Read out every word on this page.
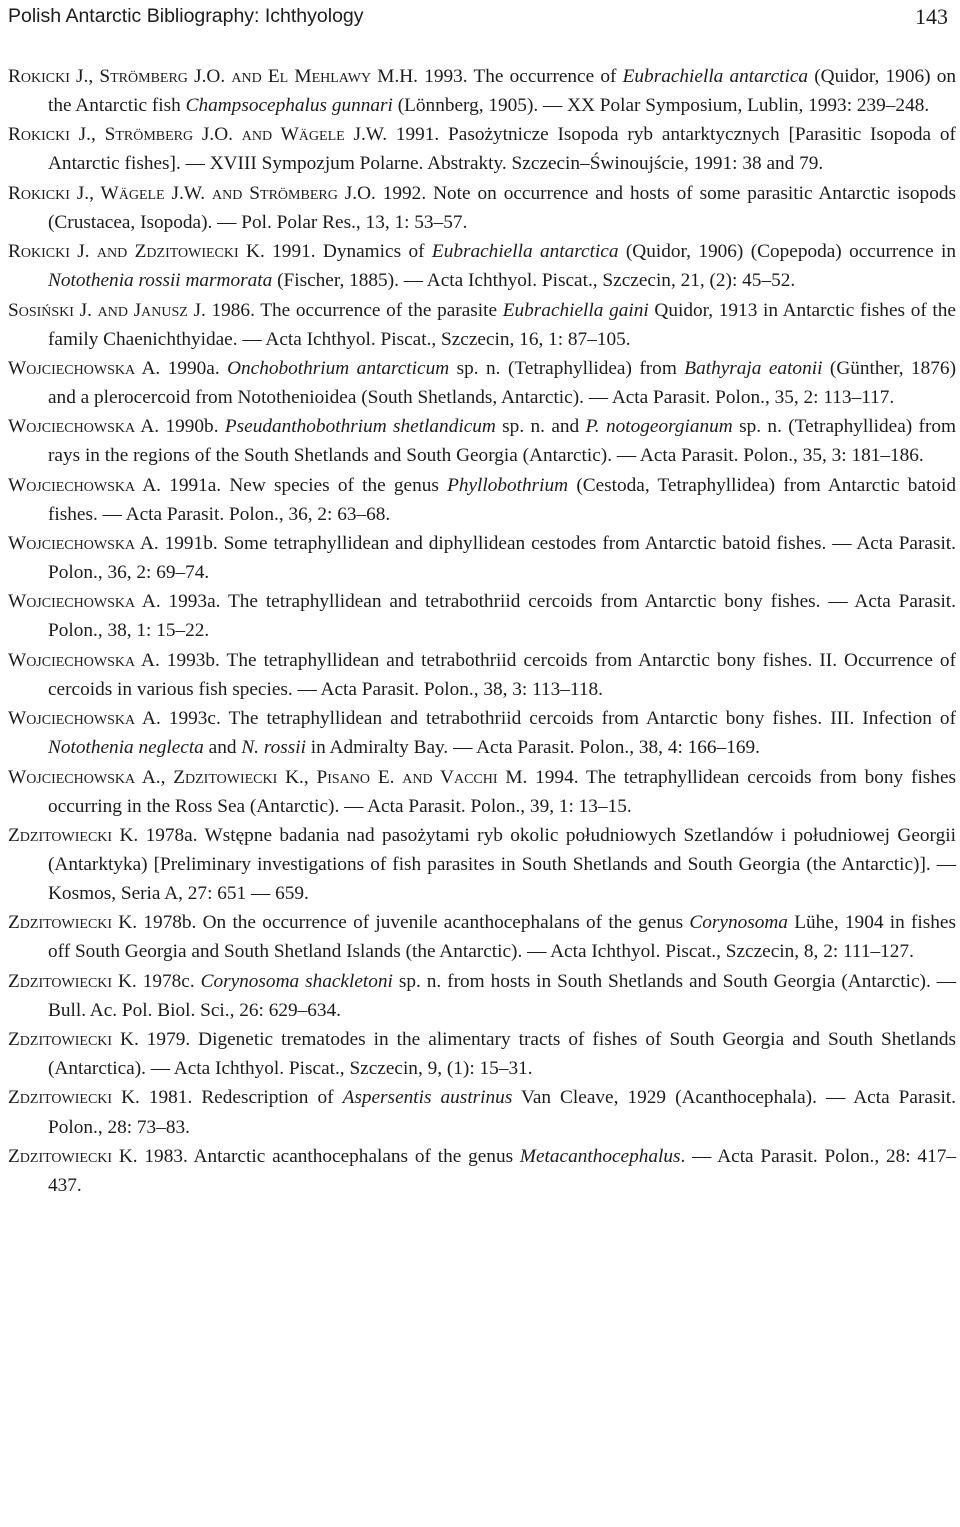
Polish Antarctic Bibliography: Ichthyology	143

Rokicki J., Strömberg J.O. and El Mehlawy M.H. 1993. The occurrence of Eubrachiella antarctica (Quidor, 1906) on the Antarctic fish Champsocephalus gunnari (Lönnberg, 1905). — XX Polar Symposium, Lublin, 1993: 239–248.

Rokicki J., Strömberg J.O. and Wägele J.W. 1991. Pasożytnicze Isopoda ryb antarktycznych [Parasitic Isopoda of Antarctic fishes]. — XVIII Sympozjum Polarne. Abstrakty. Szczecin–Świnoujście, 1991: 38 and 79.

Rokicki J., Wägele J.W. and Strömberg J.O. 1992. Note on occurrence and hosts of some parasitic Antarctic isopods (Crustacea, Isopoda). — Pol. Polar Res., 13, 1: 53–57.

Rokicki J. and Zdzitowiecki K. 1991. Dynamics of Eubrachiella antarctica (Quidor, 1906) (Copepoda) occurrence in Notothenia rossii marmorata (Fischer, 1885). — Acta Ichthyol. Piscat., Szczecin, 21, (2): 45–52.

Sosiński J. and Janusz J. 1986. The occurrence of the parasite Eubrachiella gaini Quidor, 1913 in Antarctic fishes of the family Chaenichthyidae. — Acta Ichthyol. Piscat., Szczecin, 16, 1: 87–105.

Wojciechowska A. 1990a. Onchobothrium antarcticum sp. n. (Tetraphyllidea) from Bathyraja eatonii (Günther, 1876) and a plerocercoid from Notothenioidea (South Shetlands, Antarctic). — Acta Parasit. Polon., 35, 2: 113–117.

Wojciechowska A. 1990b. Pseudanthobothrium shetlandicum sp. n. and P. notogeorgianum sp. n. (Tetraphyllidea) from rays in the regions of the South Shetlands and South Georgia (Antarctic). — Acta Parasit. Polon., 35, 3: 181–186.

Wojciechowska A. 1991a. New species of the genus Phyllobothrium (Cestoda, Tetraphyllidea) from Antarctic batoid fishes. — Acta Parasit. Polon., 36, 2: 63–68.

Wojciechowska A. 1991b. Some tetraphyllidean and diphyllidean cestodes from Antarctic batoid fishes. — Acta Parasit. Polon., 36, 2: 69–74.

Wojciechowska A. 1993a. The tetraphyllidean and tetrabothriid cercoids from Antarctic bony fishes. — Acta Parasit. Polon., 38, 1: 15–22.

Wojciechowska A. 1993b. The tetraphyllidean and tetrabothriid cercoids from Antarctic bony fishes. II. Occurrence of cercoids in various fish species. — Acta Parasit. Polon., 38, 3: 113–118.

Wojciechowska A. 1993c. The tetraphyllidean and tetrabothriid cercoids from Antarctic bony fishes. III. Infection of Notothenia neglecta and N. rossii in Admiralty Bay. — Acta Parasit. Polon., 38, 4: 166–169.

Wojciechowska A., Zdzitowiecki K., Pisano E. and Vacchi M. 1994. The tetraphyllidean cercoids from bony fishes occurring in the Ross Sea (Antarctic). — Acta Parasit. Polon., 39, 1: 13–15.

Zdzitowiecki K. 1978a. Wstępne badania nad pasożytami ryb okolic południowych Szetlandów i południowej Georgii (Antarktyka) [Preliminary investigations of fish parasites in South Shetlands and South Georgia (the Antarctic)]. — Kosmos, Seria A, 27: 651 — 659.

Zdzitowiecki K. 1978b. On the occurrence of juvenile acanthocephalans of the genus Corynosoma Lühe, 1904 in fishes off South Georgia and South Shetland Islands (the Antarctic). — Acta Ichthyol. Piscat., Szczecin, 8, 2: 111–127.

Zdzitowiecki K. 1978c. Corynosoma shackletoni sp. n. from hosts in South Shetlands and South Georgia (Antarctic). — Bull. Ac. Pol. Biol. Sci., 26: 629–634.

Zdzitowiecki K. 1979. Digenetic trematodes in the alimentary tracts of fishes of South Georgia and South Shetlands (Antarctica). — Acta Ichthyol. Piscat., Szczecin, 9, (1): 15–31.

Zdzitowiecki K. 1981. Redescription of Aspersentis austrinus Van Cleave, 1929 (Acanthocephala). — Acta Parasit. Polon., 28: 73–83.

Zdzitowiecki K. 1983. Antarctic acanthocephalans of the genus Metacanthocephalus. — Acta Parasit. Polon., 28: 417–437.
